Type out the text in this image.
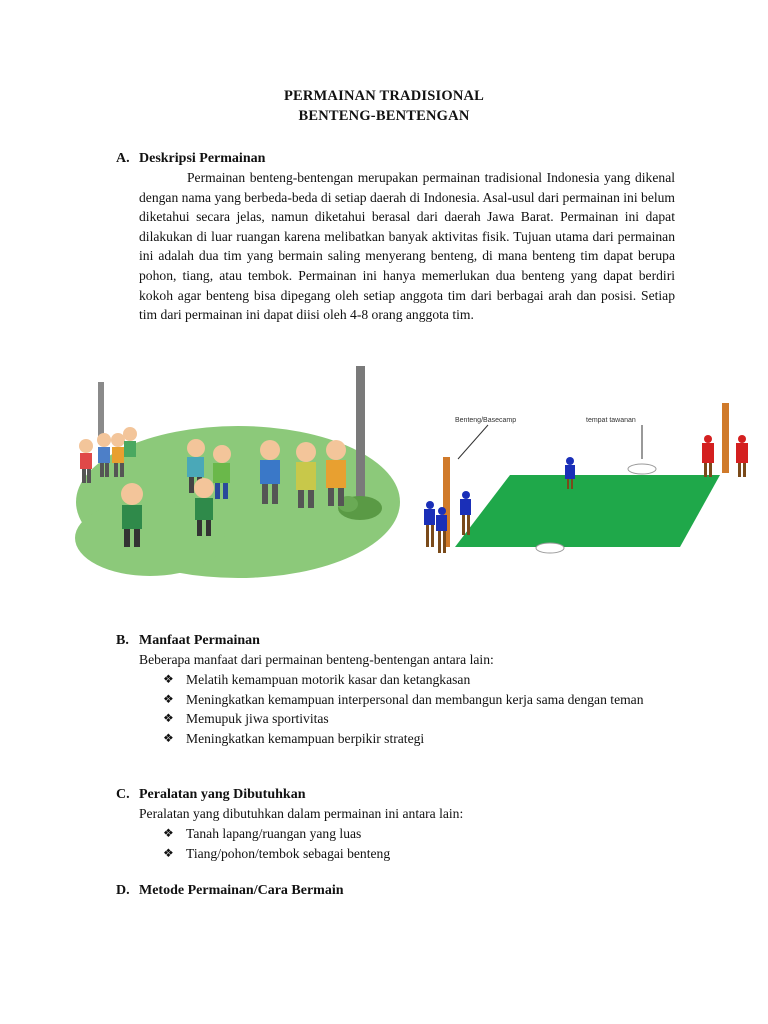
PERMAINAN TRADISIONAL
BENTENG-BENTENGAN
A. Deskripsi Permainan
Permainan benteng-bentengan merupakan permainan tradisional Indonesia yang dikenal dengan nama yang berbeda-beda di setiap daerah di Indonesia. Asal-usul dari permainan ini belum diketahui secara jelas, namun diketahui berasal dari daerah Jawa Barat. Permainan ini dapat dilakukan di luar ruangan karena melibatkan banyak aktivitas fisik. Tujuan utama dari permainan ini adalah dua tim yang bermain saling menyerang benteng, di mana benteng tim dapat berupa pohon, tiang, atau tembok. Permainan ini hanya memerlukan dua benteng yang dapat berdiri kokoh agar benteng bisa dipegang oleh setiap anggota tim dari berbagai arah dan posisi. Setiap tim dari permainan ini dapat diisi oleh 4-8 orang anggota tim.
Benteng/Basecamp	tempat tawanan
B. Manfaat Permainan
Beberapa manfaat dari permainan benteng-bentengan antara lain:
❖ Melatih kemampuan motorik kasar dan ketangkasan
❖ Meningkatkan kemampuan interpersonal dan membangun kerja sama dengan teman
❖ Memupuk jiwa sportivitas
❖ Meningkatkan kemampuan berpikir strategi
C. Peralatan yang Dibutuhkan
Peralatan yang dibutuhkan dalam permainan ini antara lain:
❖ Tanah lapang/ruangan yang luas
❖ Tiang/pohon/tembok sebagai benteng
D. Metode Permainan/Cara Bermain
